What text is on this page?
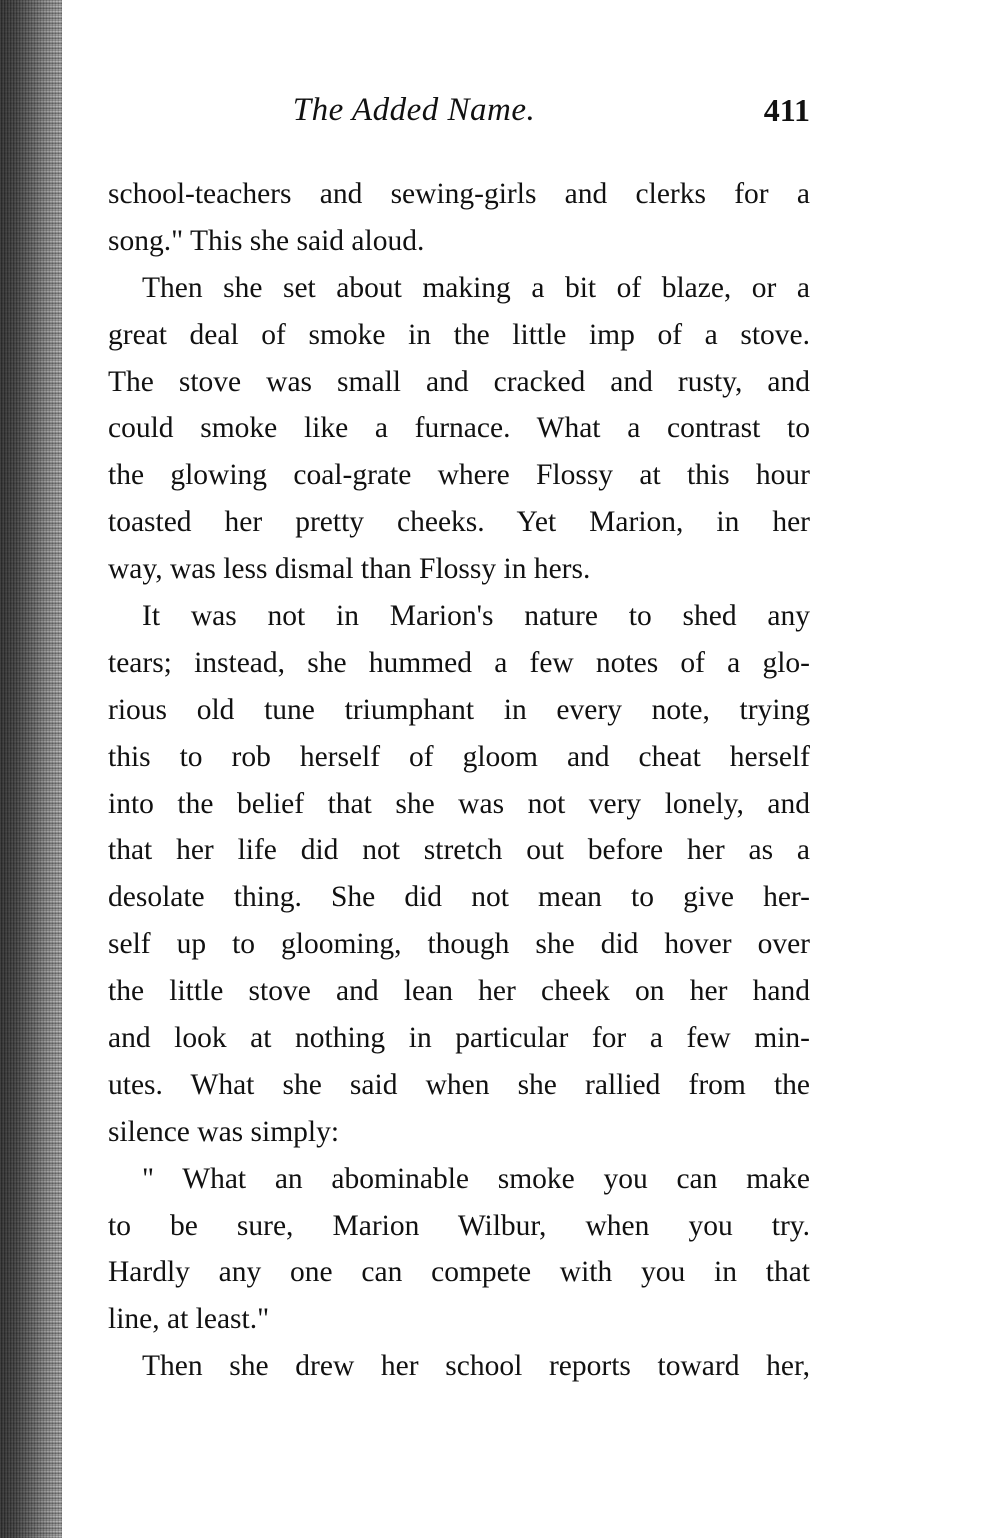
The Added Name.	411
school-teachers and sewing-girls and clerks for a
song." This she said aloud.
Then she set about making a bit of blaze, or a
great deal of smoke in the little imp of a stove.
The stove was small and cracked and rusty, and
could smoke like a furnace. What a contrast to
the glowing coal-grate where Flossy at this hour
toasted her pretty cheeks. Yet Marion, in her
way, was less dismal than Flossy in hers.
It was not in Marion's nature to shed any
tears; instead, she hummed a few notes of a glo-
rious old tune triumphant in every note, trying
this to rob herself of gloom and cheat herself
into the belief that she was not very lonely, and
that her life did not stretch out before her as a
desolate thing. She did not mean to give her-
self up to glooming, though she did hover over
the little stove and lean her cheek on her hand
and look at nothing in particular for a few min-
utes. What she said when she rallied from the
silence was simply:
" What an abominable smoke you can make
to be sure, Marion Wilbur, when you try.
Hardly any one can compete with you in that
line, at least."
Then she drew her school reports toward her,
